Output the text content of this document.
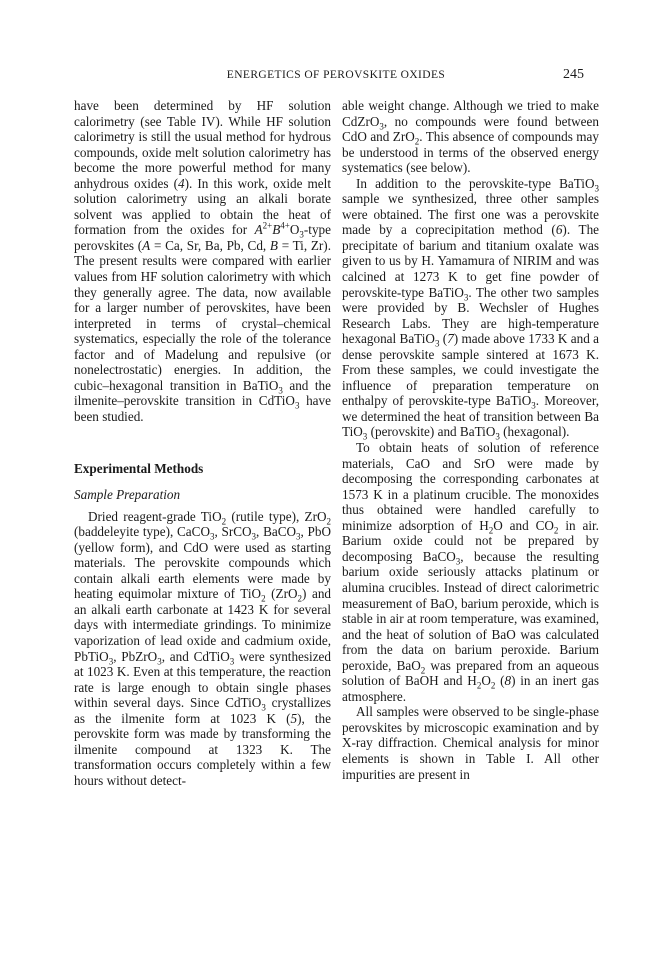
ENERGETICS OF PEROVSKITE OXIDES	245

have been determined by HF solution calorimetry (see Table IV). While HF solution calorimetry is still the usual method for hydrous compounds, oxide melt solution calorimetry has become the more powerful method for many anhydrous oxides (4). In this work, oxide melt solution calorimetry using an alkali borate solvent was applied to obtain the heat of formation from the oxides for $A^{2+}B^{4+}O_3$-type perovskites (A = Ca, Sr, Ba, Pb, Cd, B = Ti, Zr). The present results were compared with earlier values from HF solution calorimetry with which they generally agree. The data, now available for a larger number of perovskites, have been interpreted in terms of crystal–chemical systematics, especially the role of the tolerance factor and of Madelung and repulsive (or nonelectrostatic) energies. In addition, the cubic–hexagonal transition in BaTiO$_3$ and the ilmenite–perovskite transition in CdTiO$_3$ have been studied.

Experimental Methods

Sample Preparation

Dried reagent-grade TiO$_2$ (rutile type), ZrO$_2$ (baddeleyite type), CaCO$_3$, SrCO$_3$, BaCO$_3$, PbO (yellow form), and CdO were used as starting materials. The perovskite compounds which contain alkali earth elements were made by heating equimolar mixture of TiO$_2$ (ZrO$_2$) and an alkali earth carbonate at 1423 K for several days with intermediate grindings. To minimize vaporization of lead oxide and cadmium oxide, PbTiO$_3$, PbZrO$_3$, and CdTiO$_3$ were synthesized at 1023 K. Even at this temperature, the reaction rate is large enough to obtain single phases within several days. Since CdTiO$_3$ crystallizes as the ilmenite form at 1023 K (5), the perovskite form was made by transforming the ilmenite compound at 1323 K. The transformation occurs completely within a few hours without detect-

able weight change. Although we tried to make CdZrO$_3$, no compounds were found between CdO and ZrO$_2$. This absence of compounds may be understood in terms of the observed energy systematics (see below).

In addition to the perovskite-type BaTiO$_3$ sample we synthesized, three other samples were obtained. The first one was a perovskite made by a coprecipitation method (6). The precipitate of barium and titanium oxalate was given to us by H. Yamamura of NIRIM and was calcined at 1273 K to get fine powder of perovskite-type BaTiO$_3$. The other two samples were provided by B. Wechsler of Hughes Research Labs. They are high-temperature hexagonal BaTiO$_3$ (7) made above 1733 K and a dense perovskite sample sintered at 1673 K. From these samples, we could investigate the influence of preparation temperature on enthalpy of perovskite-type BaTiO$_3$. Moreover, we determined the heat of transition between Ba TiO$_3$ (perovskite) and BaTiO$_3$ (hexagonal).

To obtain heats of solution of reference materials, CaO and SrO were made by decomposing the corresponding carbonates at 1573 K in a platinum crucible. The monoxides thus obtained were handled carefully to minimize adsorption of $H_2O$ and $CO_2$ in air. Barium oxide could not be prepared by decomposing BaCO$_3$, because the resulting barium oxide seriously attacks platinum or alumina crucibles. Instead of direct calorimetric measurement of BaO, barium peroxide, which is stable in air at room temperature, was examined, and the heat of solution of BaO was calculated from the data on barium peroxide. Barium peroxide, BaO$_2$ was prepared from an aqueous solution of BaOH and $H_2O_2$ (8) in an inert gas atmosphere.

All samples were observed to be single-phase perovskites by microscopic examination and by X-ray diffraction. Chemical analysis for minor elements is shown in Table I. All other impurities are present in
